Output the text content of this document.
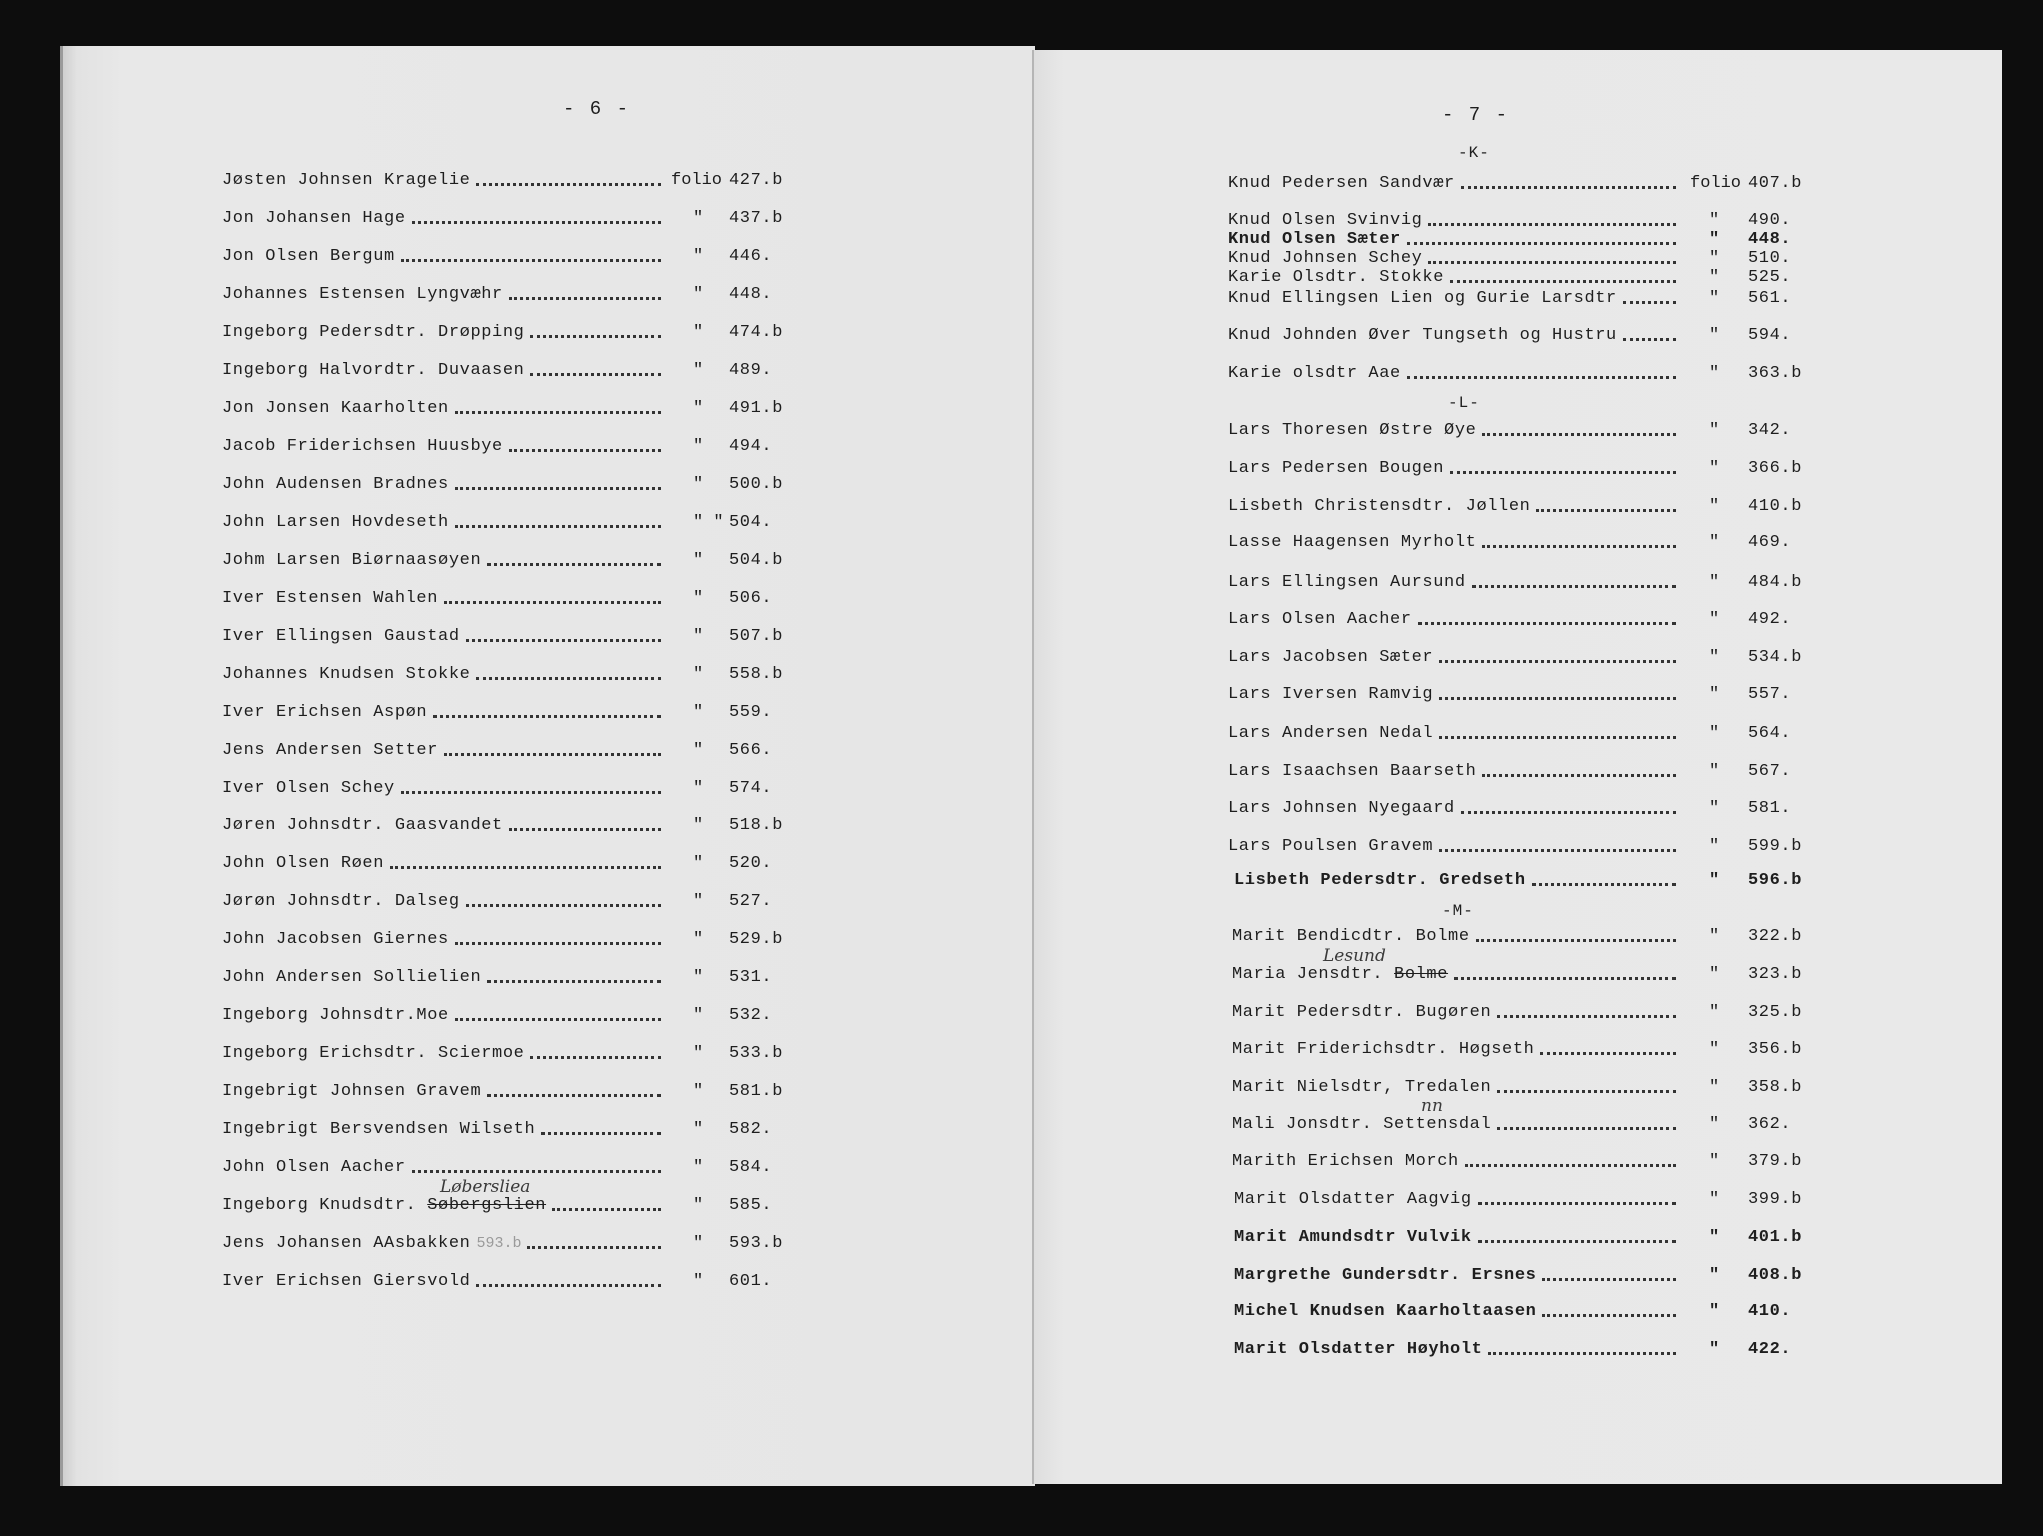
- 6 -
Jøsten Johnsen Kragelie	folio 427.b
Jon Johansen Hage	" 437.b
Jon Olsen Bergum	" 446.
Johannes Estensen Lyngvæhr	" 448.
Ingeborg Pedersdtr. Drøpping	" 474.b
Ingeborg Halvordtr. Duvaasen	" 489.
Jon Jonsen Kaarholten	" 491.b
Jacob Friderichsen Huusbye	" 494.
John Audensen Bradnes	" 500.b
John Larsen Hovdeseth	" " 504.
Johm Larsen Biørnaasøyen	" 504.b
Iver Estensen Wahlen	" 506.
Iver Ellingsen Gaustad	" 507.b
Johannes Knudsen Stokke	" 558.b
Iver Erichsen Aspøn	" 559.
Jens Andersen Setter	" 566.
Iver Olsen Schey	" 574.
Jøren Johnsdtr. Gaasvandet	" 518.b
John Olsen Røen	" 520.
Jørøn Johnsdtr. Dalseg	" 527.
John Jacobsen Giernes	" 529.b
John Andersen Sollielien	" 531.
Ingeborg Johnsdtr.Moe	" 532.
Ingeborg Erichsdtr. Sciermoe	" 533.b
Ingebrigt Johnsen Gravem	" 581.b
Ingebrigt Bersvendsen Wilseth	" 582.
John Olsen Aacher	" 584.
Ingeborg Knudsdtr. Søbergslien	" 585.
Jens Johansen AAsbakken 593.b	" 593.b
Iver Erichsen Giersvold	" 601.
Løbersliea
- 7 -
-K-
-L-
-M-
Knud Pedersen Sandvær	folio 407.b
Knud Olsen Svinvig	" 490.
Knud Olsen Sæter	" 448.
Knud Johnsen Schey	" 510.
Karie Olsdtr. Stokke	" 525.
Knud Ellingsen Lien og Gurie Larsdtr	" 561.
Knud Johnden Øver Tungseth og Hustru	" 594.
Karie olsdtr Aae	" 363.b
Lars Thoresen Østre Øye	" 342.
Lars Pedersen Bougen	" 366.b
Lisbeth Christensdtr. Jøllen	" 410.b
Lasse Haagensen Myrholt	" 469.
Lars Ellingsen Aursund	" 484.b
Lars Olsen Aacher	" 492.
Lars Jacobsen Sæter	" 534.b
Lars Iversen Ramvig	" 557.
Lars Andersen Nedal	" 564.
Lars Isaachsen Baarseth	" 567.
Lars Johnsen Nyegaard	" 581.
Lars Poulsen Gravem	" 599.b
Lisbeth Pedersdtr. Gredseth	" 596.b
Marit Bendicdtr. Bolme	" 322.b
Maria Jensdtr. Bolme	" 323.b
Marit Pedersdtr. Bugøren	" 325.b
Marit Friderichsdtr. Høgseth	" 356.b
Marit Nielsdtr, Tredalen	" 358.b
Mali Jonsdtr. Settensdal	" 362.
Marith Erichsen Morch	" 379.b
Marit Olsdatter Aagvig	" 399.b
Marit Amundsdtr Vulvik	" 401.b
Margrethe Gundersdtr. Ersnes	" 408.b
Michel Knudsen Kaarholtaasen	" 410.
Marit Olsdatter Høyholt	" 422.
Lesund
nn
